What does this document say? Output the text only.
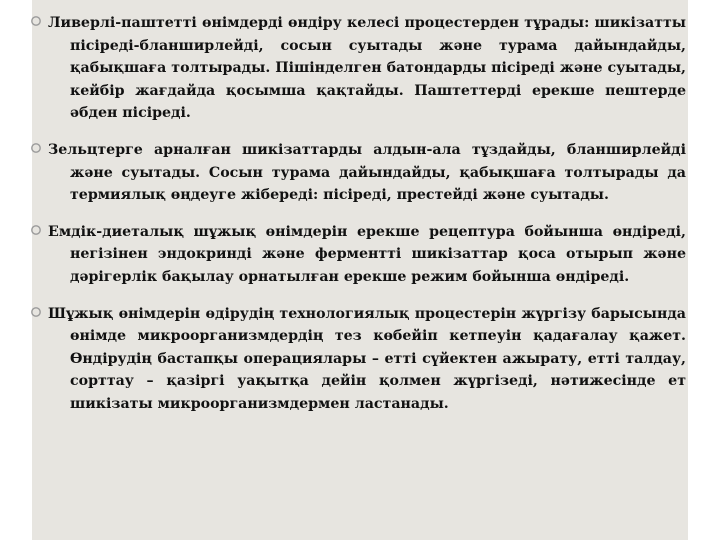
Ливерлі-паштетті өнімдерді өндіру келесі процестерден тұрады: шикізатты пісіреді-бланширлейді, сосын суытады және турама дайындайды, қабықшаға толтырады. Пішінделген батондарды пісіреді және суытады, кейбір жағдайда қосымша қақтайды. Паштеттерді ерекше пештерде әбден пісіреді.

Зельцтерге арналған шикізаттарды алдын-ала тұздайды, бланширлейді және суытады. Сосын турама дайындайды, қабықшаға толтырады да термиялық өңдеуге жібереді: пісіреді, престейді және суытады.

Емдік-диеталық шұжық өнімдерін ерекше рецептура бойынша өндіреді, негізінен эндокринді және ферментті шикізаттар қоса отырып және дәрігерлік бақылау орнатылған ерекше режим бойынша өндіреді.

Шұжық өнімдерін өдірудің технологиялық процестерін жүргізу барысында өнімде микроорганизмдердің тез көбейіп кетпеуін қадағалау қажет. Өндірудің бастапқы операциялары – етті сүйектен ажырату, етті талдау, сорттау – қазіргі уақытқа дейін қолмен жүргізеді, нәтижесінде ет шикізаты микроорганизмдермен ластанады.
